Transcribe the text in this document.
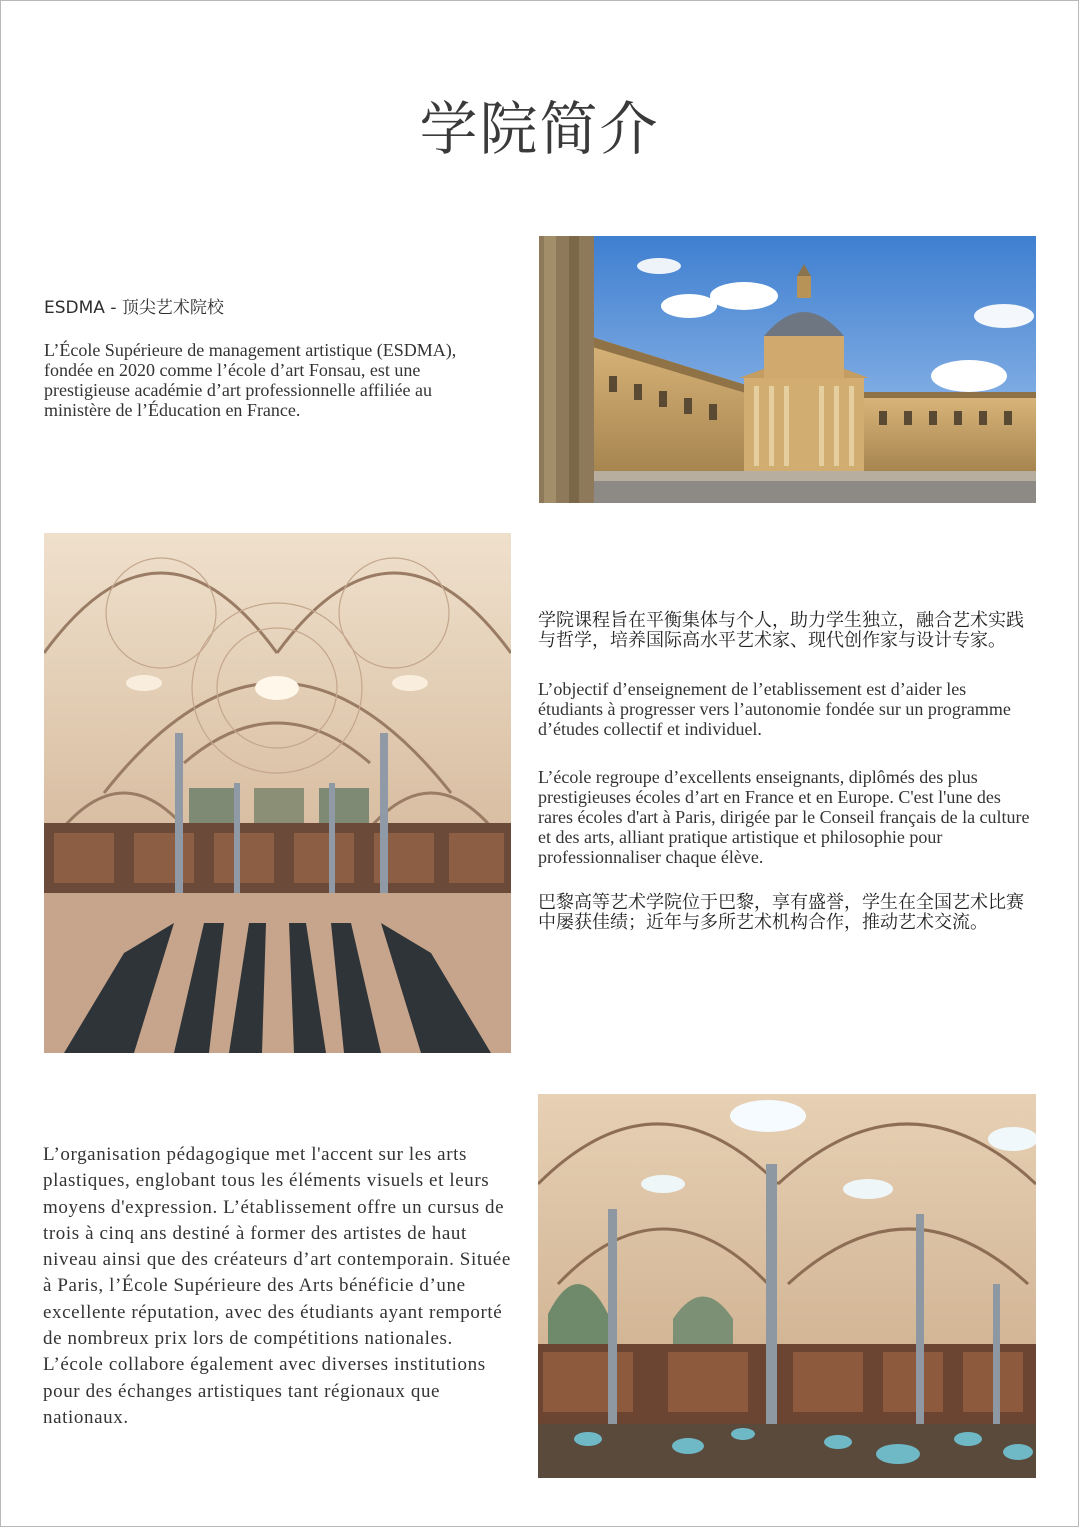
学院简介

ESDMA - 顶尖艺术院校

L’École Supérieure de management artistique (ESDMA), fondée en 2020 comme l’école d’art Fonsau, est une prestigieuse académie d’art professionnelle affiliée au ministère de l’Éducation en France.

学院课程旨在平衡集体与个人，助力学生独立，融合艺术实践与哲学，培养国际高水平艺术家、现代创作家与设计专家。

L’objectif d’enseignement de l’etablissement est d’aider les étudiants à progresser vers l’autonomie fondée sur un programme d’études collectif et individuel.

L’école regroupe d’excellents enseignants, diplômés des plus prestigieuses écoles d’art en France et en Europe. C'est l'une des rares écoles d'art à Paris, dirigée par le Conseil français de la culture et des arts, alliant pratique artistique et philosophie pour professionnaliser chaque élève.

巴黎高等艺术学院位于巴黎，享有盛誉，学生在全国艺术比赛中屡获佳绩；近年与多所艺术机构合作，推动艺术交流。

L’organisation pédagogique met l'accent sur les arts plastiques, englobant tous les éléments visuels et leurs moyens d'expression. L’établissement offre un cursus de trois à cinq ans destiné à former des artistes de haut niveau ainsi que des créateurs d’art contemporain. Située à Paris, l’École Supérieure des Arts bénéficie d’une excellente réputation, avec des étudiants ayant remporté de nombreux prix lors de compétitions nationales. L’école collabore également avec diverses institutions pour des échanges artistiques tant régionaux que nationaux.
